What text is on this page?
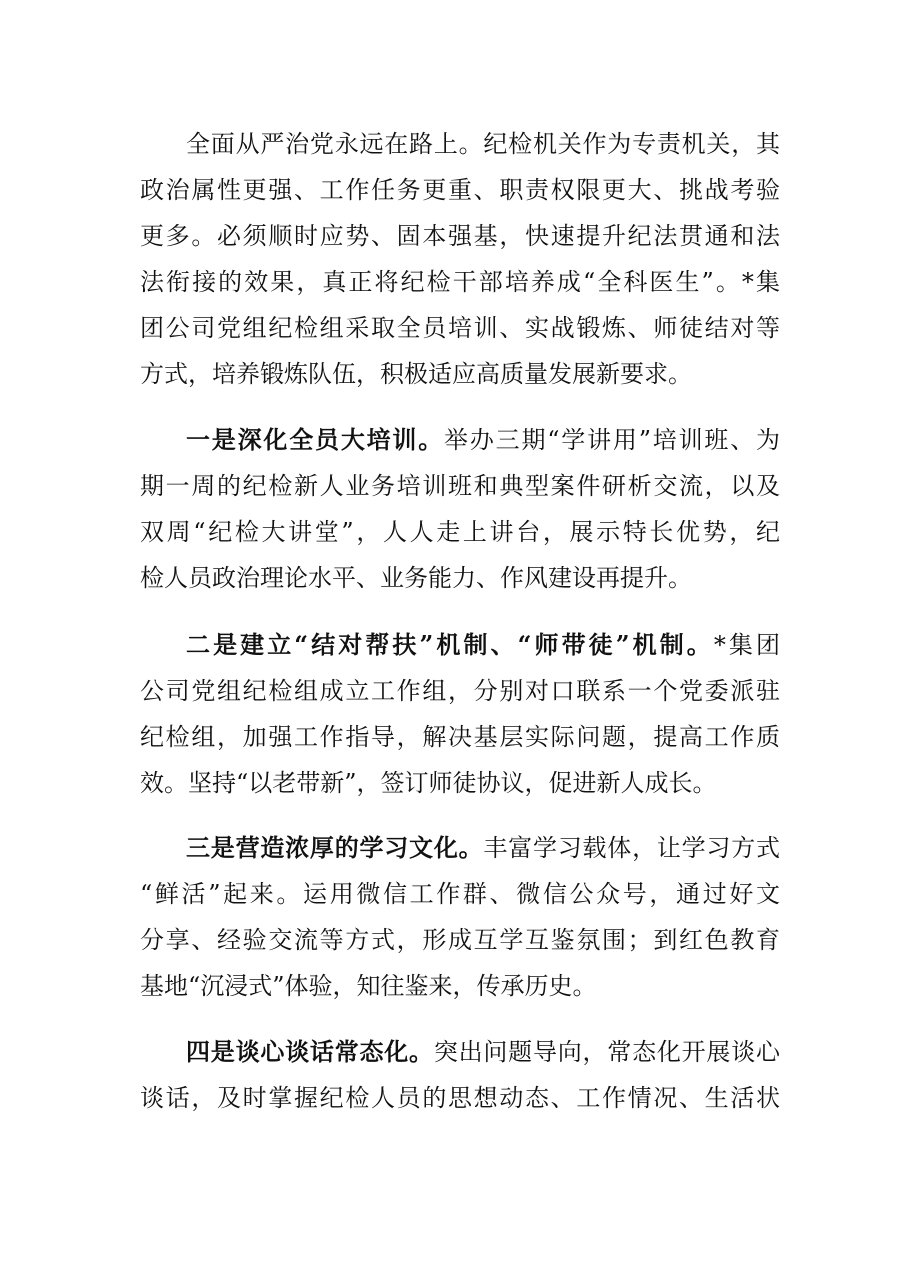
全面从严治党永远在路上。纪检机关作为专责机关，其
政治属性更强、工作任务更重、职责权限更大、挑战考验
更多。必须顺时应势、固本强基，快速提升纪法贯通和法
法衔接的效果，真正将纪检干部培养成“全科医生”。*集
团公司党组纪检组采取全员培训、实战锻炼、师徒结对等
方式，培养锻炼队伍，积极适应高质量发展新要求。
一是深化全员大培训。举办三期“学讲用”培训班、为
期一周的纪检新人业务培训班和典型案件研析交流，以及
双周“纪检大讲堂”，人人走上讲台，展示特长优势，纪
检人员政治理论水平、业务能力、作风建设再提升。
二是建立“结对帮扶”机制、“师带徒”机制。*集团
公司党组纪检组成立工作组，分别对口联系一个党委派驻
纪检组，加强工作指导，解决基层实际问题，提高工作质
效。坚持“以老带新”，签订师徒协议，促进新人成长。
三是营造浓厚的学习文化。丰富学习载体，让学习方式
“鲜活”起来。运用微信工作群、微信公众号，通过好文
分享、经验交流等方式，形成互学互鉴氛围；到红色教育
基地“沉浸式”体验，知往鉴来，传承历史。
四是谈心谈话常态化。突出问题导向，常态化开展谈心
谈话，及时掌握纪检人员的思想动态、工作情况、生活状
